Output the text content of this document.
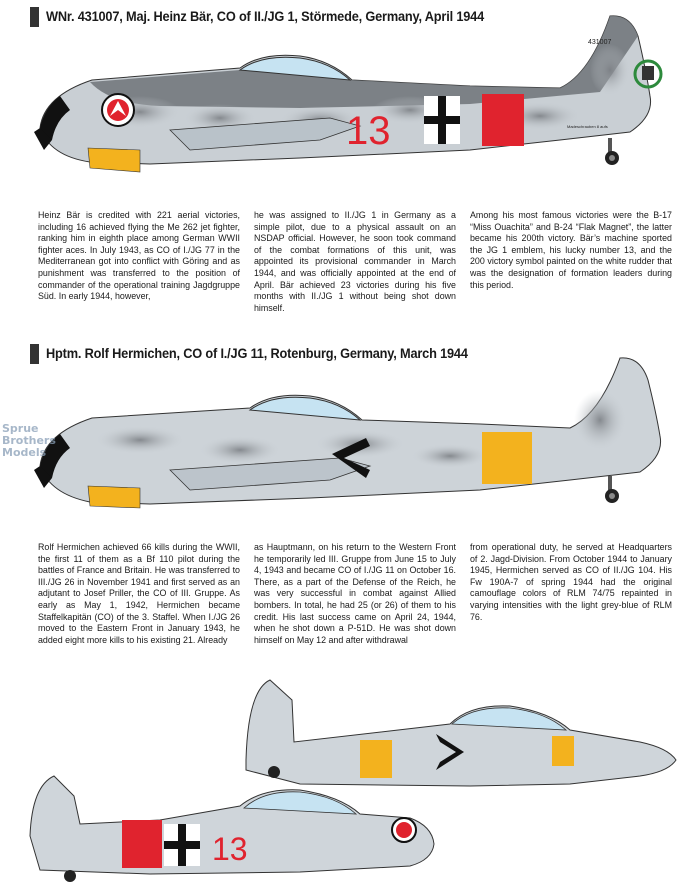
WNr. 431007, Maj. Heinz Bär, CO of II./JG 1, Störmede, Germany, April 1944
13
431007
Madeschrauben 8 aufs
13
Heinz Bär is credited with 221 aerial victories, including 16 achieved flying the Me 262 jet fighter, ranking him in eighth place among German WWII fighter aces. In July 1943, as CO of I./JG 77 in the Mediterranean got into conflict with Göring and as punishment was transferred to the position of commander of the operational training Jagdgruppe Süd. In early 1944, however,
he was assigned to II./JG 1 in Germany as a simple pilot, due to a physical assault on an NSDAP official. However, he soon took command of the combat formations of this unit, was appointed its provisional commander in March 1944, and was officially appointed at the end of April. Bär achieved 23 victories during his five months with II./JG 1 without being shot down himself.
Among his most famous victories were the B-17 “Miss Ouachita” and B-24 “Flak Magnet”, the latter became his 200th victory. Bär’s machine sported the JG 1 emblem, his lucky number 13, and the 200 victory symbol painted on the white rudder that was the designation of formation leaders during this period.
Hptm. Rolf Hermichen, CO of I./JG 11, Rotenburg, Germany, March 1944
Sprue
Brothers
Models
Rolf Hermichen achieved 66 kills during the WWII, the first 11 of them as a Bf 110 pilot during the battles of France and Britain. He was transferred to III./JG 26 in November 1941 and first served as an adjutant to Josef Priller, the CO of III. Gruppe. As early as May 1, 1942, Hermichen became Staffelkapitän (CO) of the 3. Staffel. When I./JG 26 moved to the Eastern Front in January 1943, he added eight more kills to his existing 21. Already
as Hauptmann, on his return to the Western Front he temporarily led III. Gruppe from June 15 to July 4, 1943 and became CO of I./JG 11 on October 16. There, as a part of the Defense of the Reich, he was very successful in combat against Allied bombers. In total, he had 25 (or 26) of them to his credit. His last success came on April 24, 1944, when he shot down a P-51D. He was shot down himself on May 12 and after withdrawal
from operational duty, he served at Headquarters of 2. Jagd-Division. From October 1944 to January 1945, Hermichen served as CO of II./JG 104. His Fw 190A-7 of spring 1944 had the original camouflage colors of RLM 74/75 repainted in varying intensities with the light grey-blue of RLM 76.
